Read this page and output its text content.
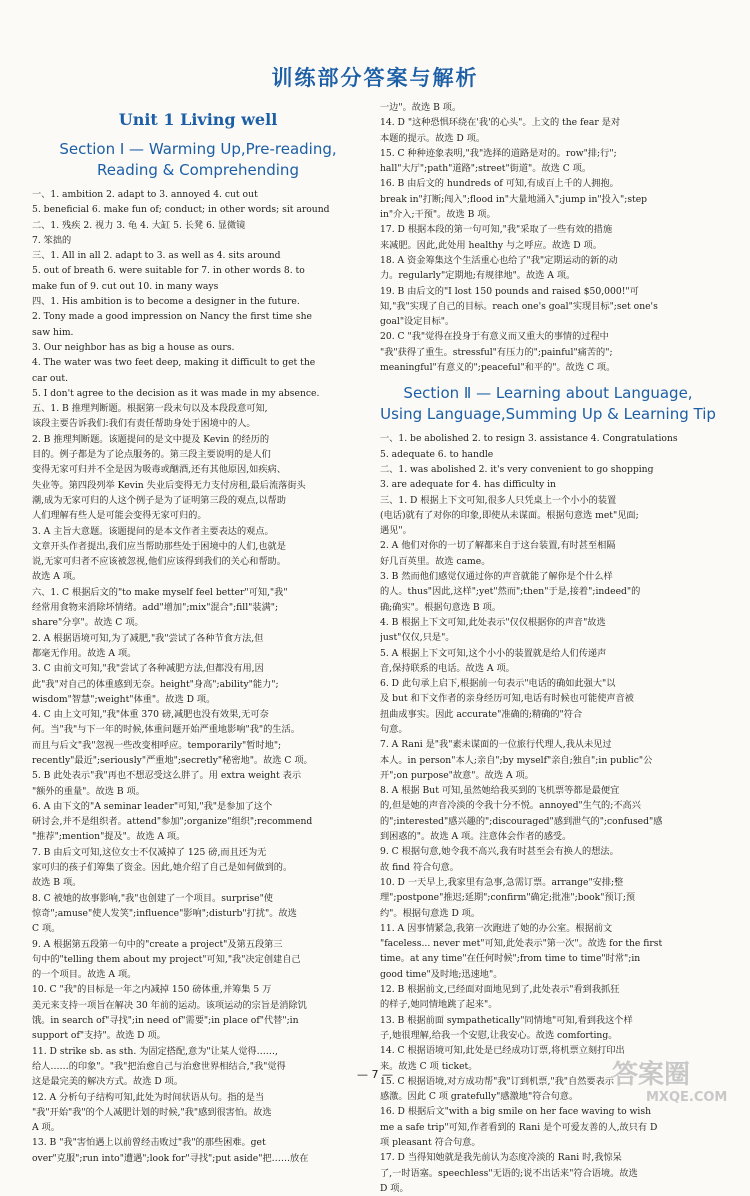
训练部分答案与解析
Unit 1 Living well
Section Ⅰ — Warming Up,Pre-reading,
Reading & Comprehending
一、1. ambition 2. adapt to 3. annoyed 4. cut out
5. beneficial 6. make fun of; conduct; in other words; sit around
二、1. 残疾 2. 视力 3. 龟 4. 大缸 5. 长凳 6. 显微镜
7. 笨拙的
三、1. All in all 2. adapt to 3. as well as 4. sits around
5. out of breath 6. were suitable for 7. in other words 8. to
make fun of 9. cut out 10. in many ways
四、1. His ambition is to become a designer in the future.
2. Tony made a good impression on Nancy the first time she
saw him.
3. Our neighbor has as big a house as ours.
4. The water was two feet deep, making it difficult to get the
car out.
5. I don't agree to the decision as it was made in my absence.
五、1. B 推理判断题。根据第一段末句以及本段段意可知,
该段主要告诉我们:我们有责任帮助身处于困境中的人。
2. B 推理判断题。该题提问的是文中提及 Kevin 的经历的
目的。例子都是为了论点服务的。第三段主要说明的是人们
变得无家可归并不全是因为吸毒或酗酒,还有其他原因,如疾病、
失业等。第四段列举 Kevin 失业后变得无力支付房租,最后流落街头
潮,成为无家可归的人这个例子是为了证明第三段的观点,以帮助
人们理解有些人是可能会变得无家可归的。
3. A 主旨大意题。该题提问的是本文作者主要表达的观点。
文章开头作者提出,我们应当帮助那些处于困境中的人们,也就是
说,无家可归者不应该被忽视,他们应该得到我们的关心和帮助。
故选 A 项。
六、1. C 根据后文的"to make myself feel better"可知,"我"
经常用食物来消除坏情绪。add"增加";mix"混合";fill"装满";
share"分享"。故选 C 项。
2. A 根据语境可知,为了减肥,"我"尝试了各种节食方法,但
都毫无作用。故选 A 项。
3. C 由前文可知,"我"尝试了各种减肥方法,但都没有用,因
此"我"对自己的体重感到无奈。height"身高";ability"能力";
wisdom"智慧";weight"体重"。故选 D 项。
4. C 由上文可知,"我"体重 370 磅,减肥也没有效果,无可奈
何。当"我"与下一年的时候,体重问题开始严重地影响"我"的生活。
而且与后文"我"忽视一些改变相呼应。temporarily"暂时地";
recently"最近";seriously"严重地";secretly"秘密地"。故选 C 项。
5. B 此处表示"我"再也不想忍受这么胖了。用 extra weight 表示
"额外的重量"。故选 B 项。
6. A 由下文的"A seminar leader"可知,"我"是参加了这个
研讨会,并不是组织者。attend"参加";organize"组织";recommend
"推荐";mention"提及"。故选 A 项。
7. B 由后文可知,这位女士不仅减掉了 125 磅,而且还为无
家可归的孩子们筹集了资金。因此,她介绍了自己是如何做到的。
故选 B 项。
8. C 被她的故事影响,"我"也创建了一个项目。surprise"使
惊奇";amuse"使人发笑";influence"影响";disturb"打扰"。故选
C 项。
9. A 根据第五段第一句中的"create a project"及第五段第三
句中的"telling them about my project"可知,"我"决定创建自己
的一个项目。故选 A 项。
10. C "我"的目标是一年之内减掉 150 磅体重,并筹集 5 万
美元来支持一项旨在解决 30 年前的运动。该项运动的宗旨是消除饥
饿。in search of"寻找";in need of"需要";in place of"代替";in
support of"支持"。故选 D 项。
11. D strike sb. as sth. 为固定搭配,意为"让某人觉得……,
给人……的印象"。"我"把治愈自己与治愈世界相结合,"我"觉得
这是最完美的解决方式。故选 D 项。
12. A 分析句子结构可知,此处为时间状语从句。指的是当
"我"开始"我"的个人减肥计划的时候,"我"感到很害怕。故选
A 项。
13. B "我"害怕遇上以前曾经击败过"我"的那些困难。get
over"克服";run into"遭遇";look for"寻找";put aside"把……放在
一边"。故选 B 项。
14. D "这种恐惧环绕在'我'的心头"。上文的 the fear 是对
本题的提示。故选 D 项。
15. C 种种迹象表明,"我"选择的道路是对的。row"排;行";
hall"大厅";path"道路";street"街道"。故选 C 项。
16. B 由后文的 hundreds of 可知,有成百上千的人拥抱。
break in"打断;闯入";flood in"大量地涌入";jump in"投入";step
in"介入;干预"。故选 B 项。
17. D 根据本段的第一句可知,"我"采取了一些有效的措施
来减肥。因此,此处用 healthy 与之呼应。故选 D 项。
18. A 资金筹集这个生活重心也给了"我"定期运动的新的动
力。regularly"定期地;有规律地"。故选 A 项。
19. B 由后文的"I lost 150 pounds and raised $50,000!"可
知,"我"实现了自己的目标。reach one's goal"实现目标";set one's
goal"设定目标"。
20. C "我"觉得在投身于有意义而又重大的事情的过程中
"我"获得了重生。stressful"有压力的";painful"痛苦的";
meaningful"有意义的";peaceful"和平的"。故选 C 项。
Section Ⅱ — Learning about Language,
Using Language,Summing Up & Learning Tip
一、1. be abolished 2. to resign 3. assistance 4. Congratulations
5. adequate 6. to handle
二、1. was abolished 2. it's very convenient to go shopping
3. are adequate for 4. has difficulty in
三、1. D 根据上下文可知,很多人只凭桌上一个小小的装置
(电话)就有了对你的印象,即使从未谋面。根据句意选 met"见面;
遇见"。
2. A 他们对你的一切了解都来自于这台装置,有时甚至相隔
好几百英里。故选 came。
3. B 然而他们感觉仅通过你的声音就能了解你是个什么样
的人。thus"因此,这样";yet"然而";then"于是,接着";indeed"的
确;确实"。根据句意选 B 项。
4. B 根据上下文可知,此处表示"仅仅根据你的声音"故选
just"仅仅,只是"。
5. A 根据上下文可知,这个小小的装置就是给人们传递声
音,保持联系的电话。故选 A 项。
6. D 此句承上启下,根据前一句表示"电话的确如此强大"以
及 but 和下文作者的亲身经历可知,电话有时候也可能使声音被
扭曲成事实。因此 accurate"准确的;精确的"符合
句意。
7. A Rani 是"我"素未谋面的一位旅行代理人,我从未见过
本人。in person"本人;亲自";by myself"亲自;独自";in public"公
开";on purpose"故意"。故选 A 项。
8. A 根据 But 可知,虽然她给我买到的飞机票等都是最便宜
的,但是她的声音冷淡的令我十分不悦。annoyed"生气的;不高兴
的";interested"感兴趣的";discouraged"感到泄气的";confused"感
到困惑的"。故选 A 项。注意体会作者的感受。
9. C 根据句意,她令我不高兴,我有时甚至会有换人的想法。
故 find 符合句意。
10. D 一天早上,我家里有急事,急需订票。arrange"安排;整
理";postpone"推迟;延期";confirm"确定;批准";book"预订;预
约"。根据句意选 D 项。
11. A 因事情紧急,我第一次跑进了她的办公室。根据前文
"faceless... never met"可知,此处表示"第一次"。故选 for the first
time。at any time"在任何时候";from time to time"时常";in
good time"及时地;迅速地"。
12. B 根据前文,已经面对面地见到了,此处表示"看到我抓狂
的样子,她同情地跳了起来"。
13. B 根据前面 sympathetically"同情地"可知,看到我这个样
子,她很理解,给我一个安慰,让我安心。故选 comforting。
14. C 根据语境可知,此处是已经成功订票,将机票立刻打印出
来。故选 C 项 ticket。
15. C 根据语境,对方成功帮"我"订到机票,"我"自然要表示
感激。因此 C 项 gratefully"感激地"符合句意。
16. D 根据后文"with a big smile on her face waving to wish
me a safe trip"可知,作者看到的 Rani 是个可爱友善的人,故只有 D
项 pleasant 符合句意。
17. D 当得知她就是我先前认为态度冷淡的 Rani 时,我惊呆
了,一时语塞。speechless"无语的;说不出话来"符合语境。故选
D 项。
— 7 —	答案圈
MXQE.COM
